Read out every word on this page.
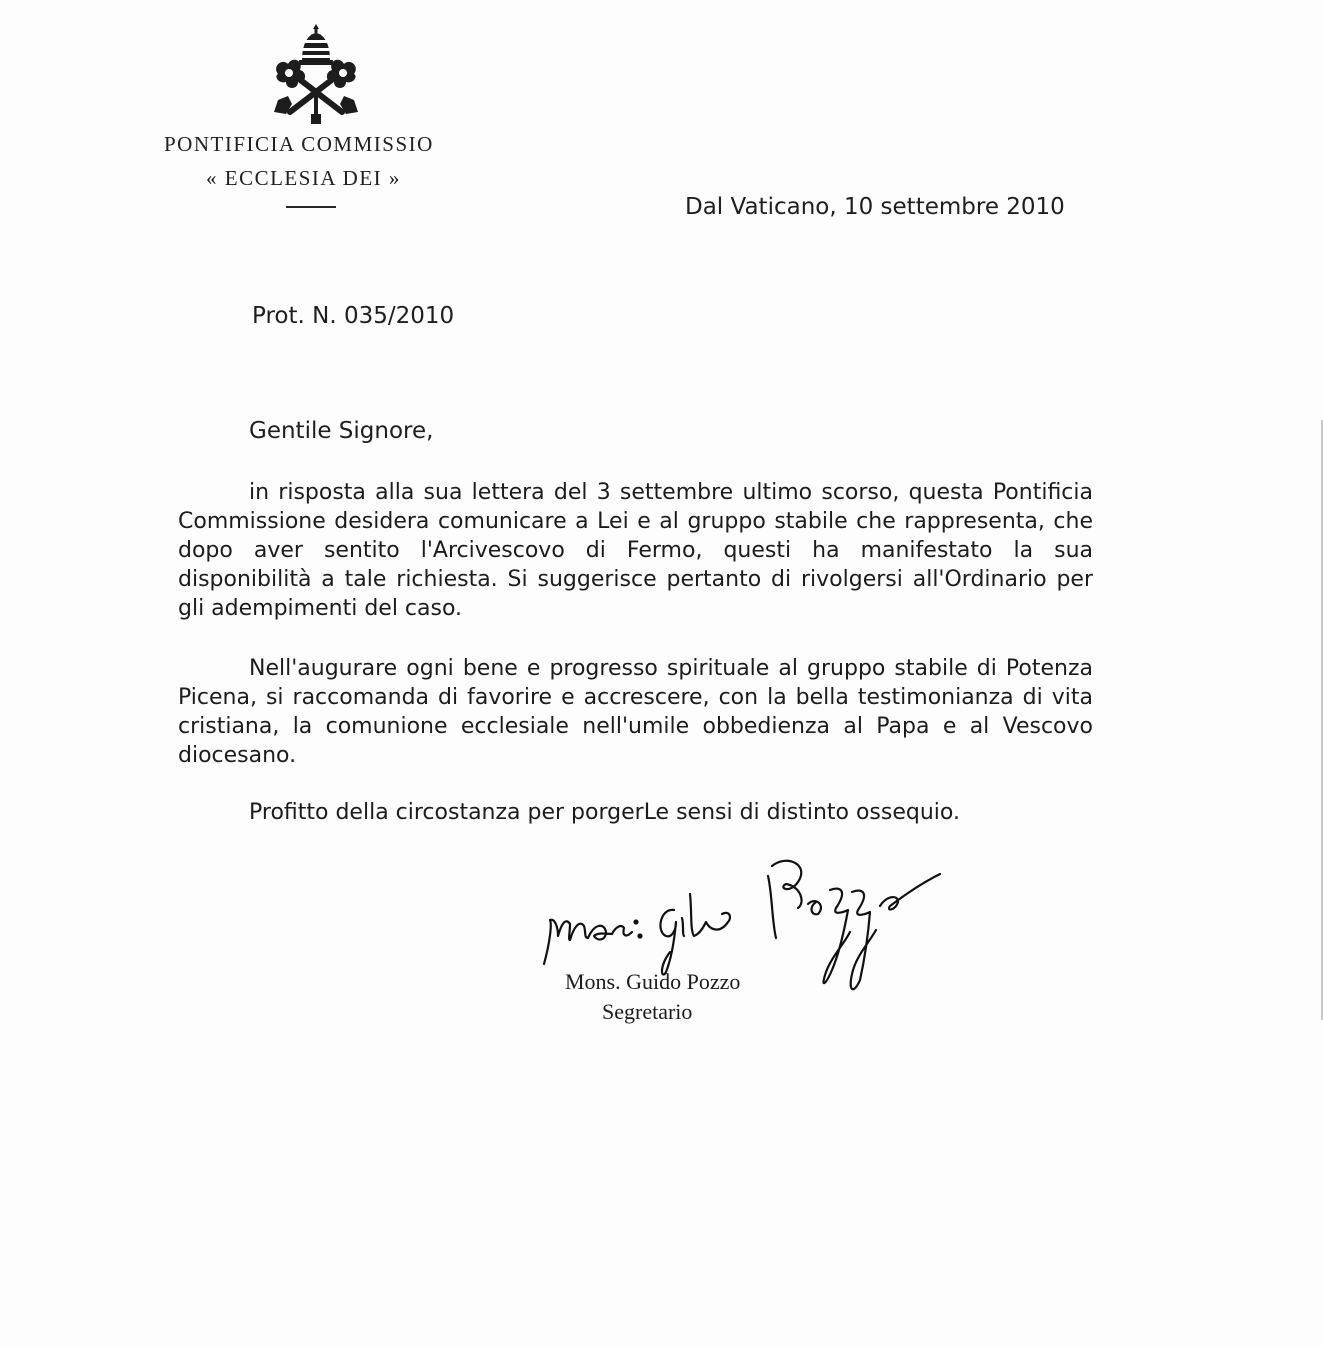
PONTIFICIA COMMISSIO
« ECCLESIA DEI »
Dal Vaticano, 10 settembre 2010
Prot. N. 035/2010
Gentile Signore,

in risposta alla sua lettera del 3 settembre ultimo scorso, questa Pontificia Commissione desidera comunicare a Lei e al gruppo stabile che rappresenta, che dopo aver sentito l'Arcivescovo di Fermo, questi ha manifestato la sua disponibilità a tale richiesta. Si suggerisce pertanto di rivolgersi all'Ordinario per gli adempimenti del caso.

Nell'augurare ogni bene e progresso spirituale al gruppo stabile di Potenza Picena, si raccomanda di favorire e accrescere, con la bella testimonianza di vita cristiana, la comunione ecclesiale nell'umile obbedienza al Papa e al Vescovo diocesano.

Profitto della circostanza per porgerLe sensi di distinto ossequio.

Mons. Guido Pozzo
Segretario
